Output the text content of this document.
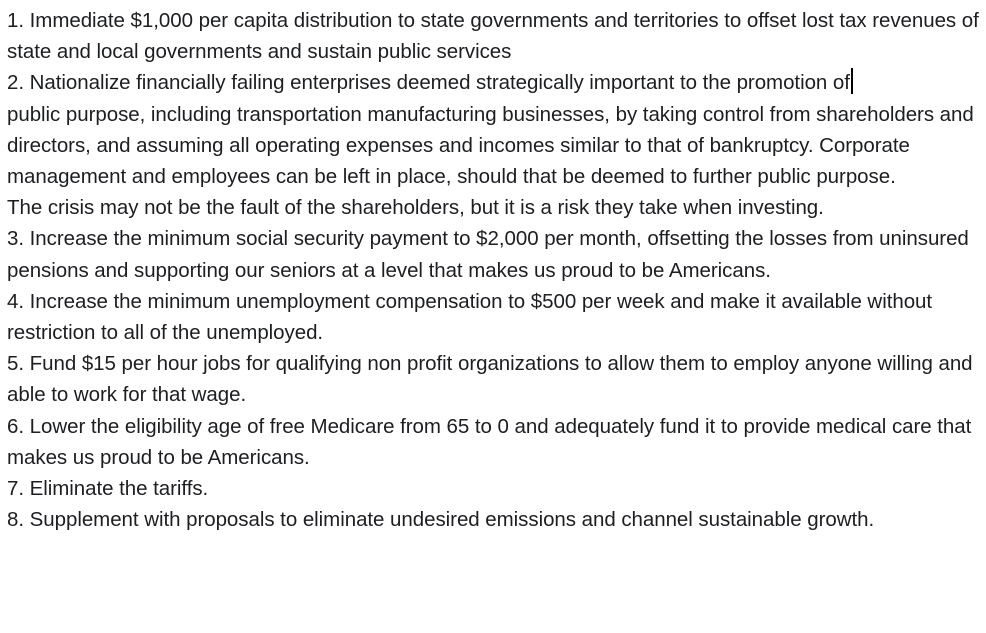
1. Immediate $1,000 per capita distribution to state governments and territories to offset lost tax revenues of state and local governments and sustain public services

2. Nationalize financially failing enterprises deemed strategically important to the promotion of

public purpose, including transportation manufacturing businesses, by taking control from shareholders and directors, and assuming all operating expenses and incomes similar to that of bankruptcy. Corporate management and employees can be left in place, should that be deemed to further public purpose.

The crisis may not be the fault of the shareholders, but it is a risk they take when investing.

3. Increase the minimum social security payment to $2,000 per month, offsetting the losses from uninsured pensions and supporting our seniors at a level that makes us proud to be Americans.

4. Increase the minimum unemployment compensation to $500 per week and make it available without restriction to all of the unemployed.

5. Fund $15 per hour jobs for qualifying non profit organizations to allow them to employ anyone willing and able to work for that wage.

6. Lower the eligibility age of free Medicare from 65 to 0 and adequately fund it to provide medical care that makes us proud to be Americans.

7. Eliminate the tariffs.

8. Supplement with proposals to eliminate undesired emissions and channel sustainable growth.
